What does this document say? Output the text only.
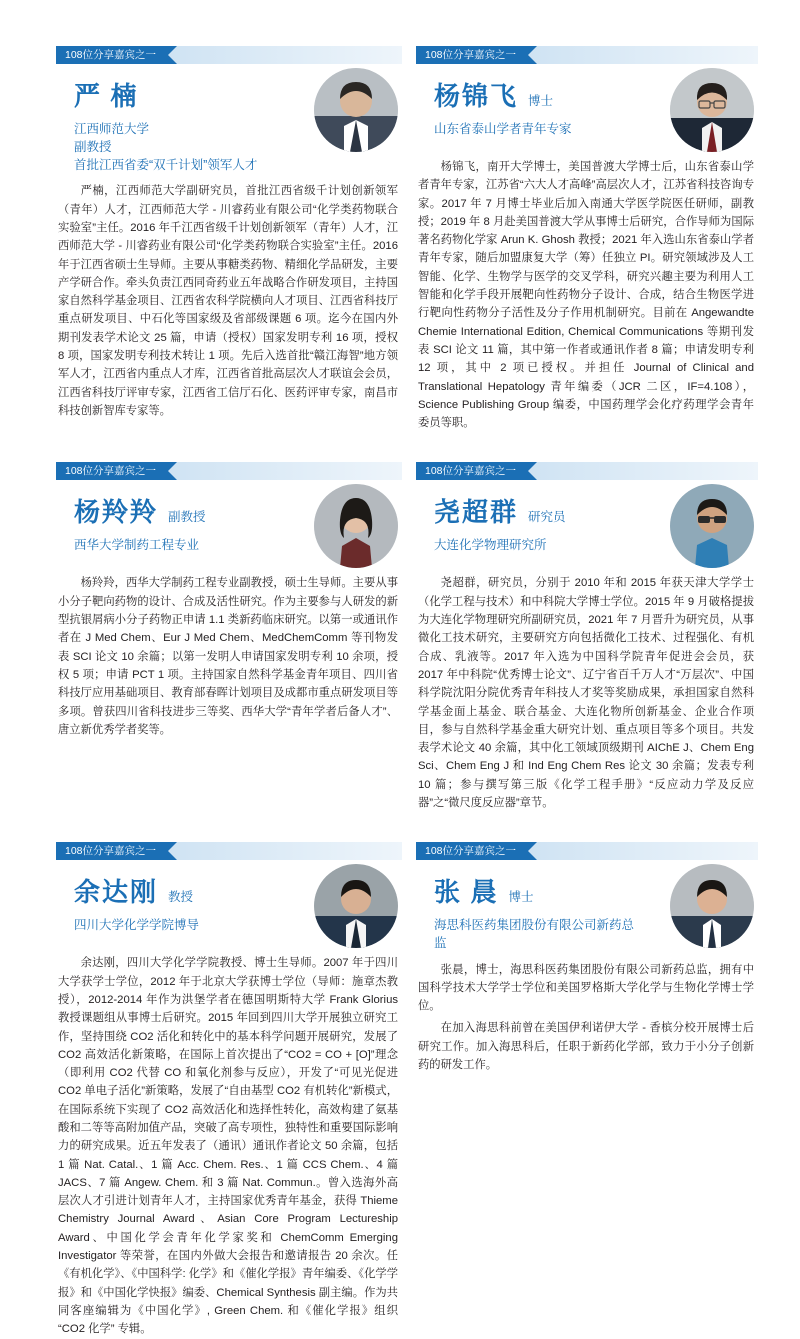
108位分享嘉宾之一
严 楠
江西师范大学
副教授
首批江西省委“双千计划”领军人才
严楠，江西师范大学副研究员，首批江西省级千计划创新领军（青年）人才，江西师范大学 - 川睿药业有限公司“化学类药物联合实验室”主任。2016 年千江西省级千计划创新领军（青年）人才，江西师范大学 - 川睿药业有限公司“化学类药物联合实验室”主任。2016 年于江西省硕士生导师。主要从事糖类药物、精细化学品研发，主要产学研合作。牵头负责江西同奇药业五年战略合作研发项目，主持国家自然科学基金项目、江西省农科学院横向人才项目、江西省科技厅重点研发项目、中石化等国家级及省部级课题 6 项。迄今在国内外期刊发表学术论文 25 篇，申请（授权）国家发明专利 16 项，授权 8 项，国家发明专利技术转让 1 项。先后入选首批“赣江海智”地方领军人才，江西省内重点人才库，江西省首批高层次人才联谊会会员，江西省科技厅评审专家，江西省工信厅石化、医药评审专家，南昌市科技创新智库专家等。
108位分享嘉宾之一
杨锦飞 博士
山东省泰山学者青年专家
杨锦飞，南开大学博士，美国普渡大学博士后，山东省泰山学者青年专家，江苏省“六大人才高峰”高层次人才，江苏省科技咨询专家。2017 年 7 月博士毕业后加入南通大学医学院医任研师，副教授；2019 年 8 月赴美国普渡大学从事博士后研究，合作导师为国际著名药物化学家 Arun K. Ghosh 教授；2021 年入选山东省泰山学者青年专家，随后加盟康复大学（筹）任独立 PI。研究领域涉及人工智能、化学、生物学与医学的交叉学科，研究兴趣主要为利用人工智能和化学手段开展靶向性药物分子设计、合成，结合生物医学进行靶向性药物分子活性及分子作用机制研究。目前在 Angewandte Chemie International Edition, Chemical Communications 等期刊发表 SCI 论文 11 篇，其中第一作者或通讯作者 8 篇；申请发明专利 12 项，其中 2 项已授权。并担任 Journal of Clinical and Translational Hepatology 青年编委（JCR 二区，IF=4.108），Science Publishing Group 编委，中国药理学会化疗药理学会青年委员等职。
108位分享嘉宾之一
杨羚羚 副教授
西华大学制药工程专业
杨羚羚，西华大学制药工程专业副教授，硕士生导师。主要从事小分子靶向药物的设计、合成及活性研究。作为主要参与人研发的新型抗银屑病小分子药物正申请 1.1 类新药临床研究。以第一或通讯作者在 J Med Chem、Eur J Med Chem、MedChemComm 等刊物发表 SCI 论文 10 余篇；以第一发明人申请国家发明专利 10 余项，授权 5 项；申请 PCT 1 项。主持国家自然科学基金青年项目、四川省科技厅应用基础项目、教育部春晖计划项目及成都市重点研发项目等多项。曾获四川省科技进步三等奖、西华大学“青年学者后备人才”、唐立新优秀学者奖等。
108位分享嘉宾之一
尧超群 研究员
大连化学物理研究所
尧超群，研究员，分别于 2010 年和 2015 年获天津大学学士（化学工程与技术）和中科院大学博士学位。2015 年 9 月破格提拔为大连化学物理研究所副研究员，2021 年 7 月晋升为研究员，从事微化工技术研究，主要研究方向包括微化工技术、过程强化、有机合成、乳液等。2017 年入选为中国科学院青年促进会会员，获 2017 年中科院“优秀博士论文”、辽宁省百千万人才“万层次”、中国科学院沈阳分院优秀青年科技人才奖等奖励成果，承担国家自然科学基金面上基金、联合基金、大连化物所创新基金、企业合作项目，参与自然科学基金重大研究计划、重点项目等多个项目。共发表学术论文 40 余篇，其中化工领域顶级期刊 AIChE J、Chem Eng Sci、Chem Eng J 和 Ind Eng Chem Res 论文 30 余篇；发表专利 10 篇；参与撰写第三版《化学工程手册》“反应动力学及反应器”之“微尺度反应器”章节。
108位分享嘉宾之一
余达刚 教授
四川大学化学学院博导
余达刚，四川大学化学学院教授、博士生导师。2007 年于四川大学获学士学位，2012 年于北京大学获博士学位（导师：施章杰教授），2012-2014 年作为洪堡学者在德国明斯特大学 Frank Glorius 教授课题组从事博士后研究。2015 年回到四川大学开展独立研究工作，坚持围绕 CO2 活化和转化中的基本科学问题开展研究，发展了 CO2 高效活化新策略，在国际上首次提出了“CO2 = CO + [O]”理念（即利用 CO2 代替 CO 和氧化剂参与反应），开发了“可见光促进 CO2 单电子活化”新策略，发展了“自由基型 CO2 有机转化”新模式，在国际系统下实现了 CO2 高效活化和选择性转化，高效构建了氨基酸和二等等高附加值产品，突破了高专项性，独特性和重要国际影响力的研究成果。近五年发表了（通讯）通讯作者论文 50 余篇，包括 1 篇 Nat. Catal.、1 篇 Acc. Chem. Res.、1 篇 CCS Chem.、4 篇 JACS、7 篇 Angew. Chem. 和 3 篇 Nat. Commun.。曾入选海外高层次人才引进计划青年人才，主持国家优秀青年基金，获得 Thieme Chemistry Journal Award、Asian Core Program Lectureship Award、中国化学会青年化学家奖和 ChemComm Emerging Investigator 等荣誉，在国内外做大会报告和邀请报告 20 余次。任《有机化学》、《中国科学: 化学》和《催化学报》青年编委、《化学学报》和《中国化学快报》编委、Chemical Synthesis 副主编。作为共同客座编辑为《中国化学》, Green Chem. 和《催化学报》组织 “CO2 化学” 专辑。
108位分享嘉宾之一
张 晨 博士
海思科医药集团股份有限公司新药总监

张晨，博士，海思科医药集团股份有限公司新药总监，拥有中国科学技术大学学士学位和美国罗格斯大学化学与生物化学博士学位。

在加入海思科前曾在美国伊利诺伊大学 - 香槟分校开展博士后研究工作。加入海思科后，任职于新药化学部，致力于小分子创新药的研发工作。
